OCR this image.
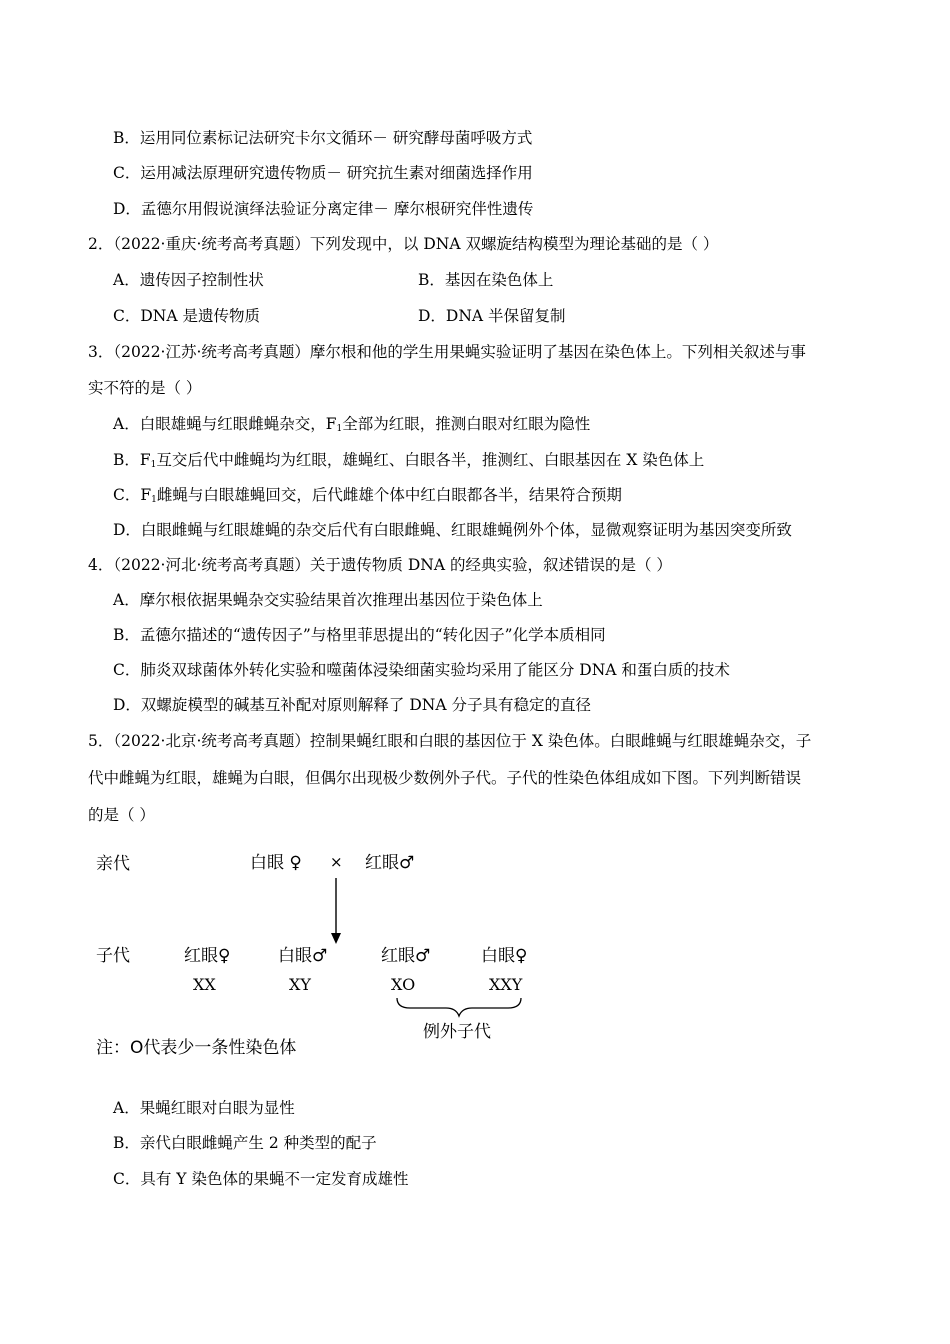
B．运用同位素标记法研究卡尔文循环－ 研究酵母菌呼吸方式
C．运用减法原理研究遗传物质－ 研究抗生素对细菌选择作用
D．孟德尔用假说演绎法验证分离定律－ 摩尔根研究伴性遗传
2．（2022·重庆·统考高考真题）下列发现中，以 DNA 双螺旋结构模型为理论基础的是（ ）
A．遗传因子控制性状	B．基因在染色体上
C．DNA 是遗传物质	D．DNA 半保留复制
3．（2022·江苏·统考高考真题）摩尔根和他的学生用果蝇实验证明了基因在染色体上。下列相关叙述与事
实不符的是（ ）
A．白眼雄蝇与红眼雌蝇杂交，$F_1$全部为红眼，推测白眼对红眼为隐性
B．$F_1$互交后代中雌蝇均为红眼，雄蝇红、白眼各半，推测红、白眼基因在 X 染色体上
C．$F_1$雌蝇与白眼雄蝇回交，后代雌雄个体中红白眼都各半，结果符合预期
D．白眼雌蝇与红眼雄蝇的杂交后代有白眼雌蝇、红眼雄蝇例外个体，显微观察证明为基因突变所致
4．（2022·河北·统考高考真题）关于遗传物质 DNA 的经典实验，叙述错误的是（ ）
A．摩尔根依据果蝇杂交实验结果首次推理出基因位于染色体上
B．孟德尔描述的“遗传因子”与格里菲思提出的“转化因子”化学本质相同
C．肺炎双球菌体外转化实验和噬菌体浸染细菌实验均采用了能区分 DNA 和蛋白质的技术
D．双螺旋模型的碱基互补配对原则解释了 DNA 分子具有稳定的直径
5．（2022·北京·统考高考真题）控制果蝇红眼和白眼的基因位于 X 染色体。白眼雌蝇与红眼雄蝇杂交，子
代中雌蝇为红眼，雄蝇为白眼，但偶尔出现极少数例外子代。子代的性染色体组成如下图。下列判断错误
的是（ ）
亲代	白眼 ♀ × 红眼♂
子代	红眼♀	白眼♂	红眼♂	白眼♀
XX	XY	XO	XXY
例外子代
注：O代表少一条性染色体
A．果蝇红眼对白眼为显性
B．亲代白眼雌蝇产生 2 种类型的配子
C．具有 Y 染色体的果蝇不一定发育成雄性
